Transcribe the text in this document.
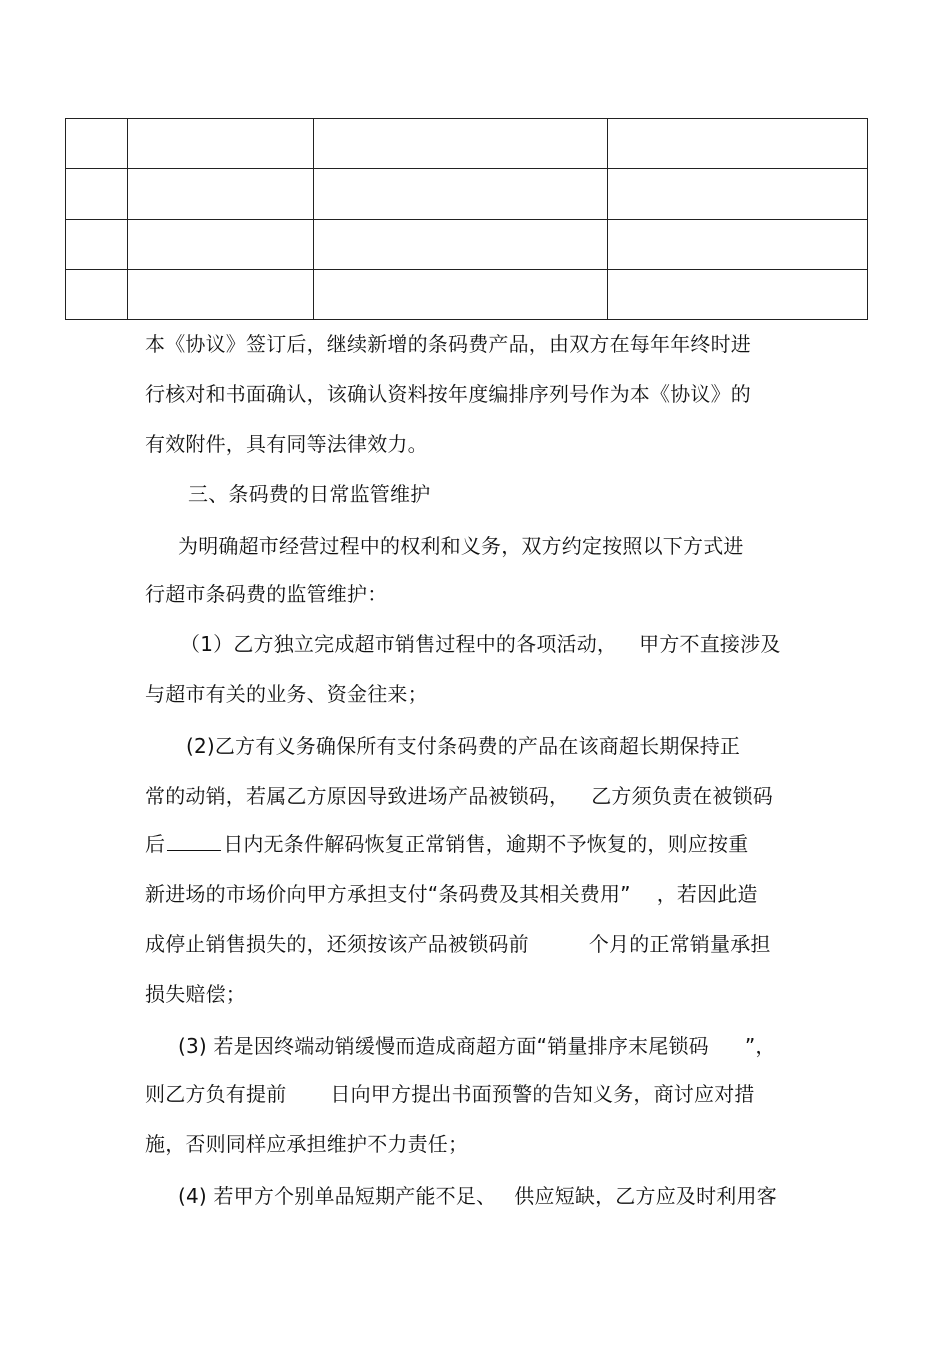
本《协议》签订后，继续新增的条码费产品，由双方在每年年终时进
行核对和书面确认，该确认资料按年度编排序列号作为本《协议》的
有效附件，具有同等法律效力。
三、条码费的日常监管维护
为明确超市经营过程中的权利和义务，双方约定按照以下方式进
行超市条码费的监管维护：
（1）乙方独立完成超市销售过程中的各项活动， 甲方不直接涉及
与超市有关的业务、资金往来；
(2)乙方有义务确保所有支付条码费的产品在该商超长期保持正
常的动销，若属乙方原因导致进场产品被锁码， 乙方须负责在被锁码
后	日内无条件解码恢复正常销售，逾期不予恢复的，则应按重
新进场的市场价向甲方承担支付“条码费及其相关费用” ，若因此造
成停止销售损失的，还须按该产品被锁码前	个月的正常销量承担
损失赔偿；
(3) 若是因终端动销缓慢而造成商超方面“销量排序末尾锁码 ”，
则乙方负有提前 日向甲方提出书面预警的告知义务，商讨应对措
施，否则同样应承担维护不力责任；
(4) 若甲方个别单品短期产能不足、 供应短缺，乙方应及时利用客
